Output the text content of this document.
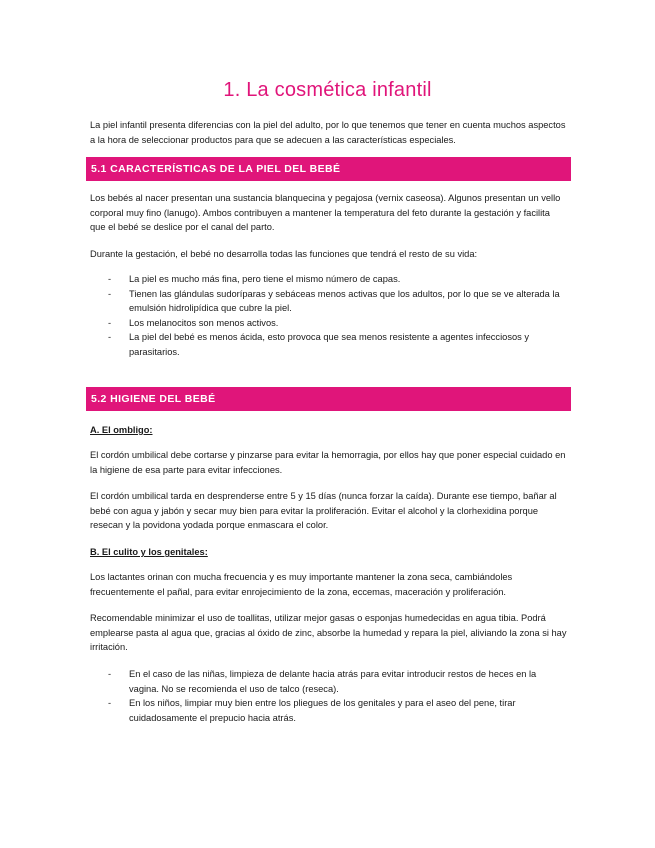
1. La cosmética infantil

La piel infantil presenta diferencias con la piel del adulto, por lo que tenemos que tener en cuenta muchos aspectos a la hora de seleccionar productos para que se adecuen a las características especiales.

5.1 CARACTERÍSTICAS DE LA PIEL DEL BEBÉ

Los bebés al nacer presentan una sustancia blanquecina y pegajosa (vernix caseosa). Algunos presentan un vello corporal muy fino (lanugo). Ambos contribuyen a mantener la temperatura del feto durante la gestación y facilita que el bebé se deslice por el canal del parto.

Durante la gestación, el bebé no desarrolla todas las funciones que tendrá el resto de su vida:

- La piel es mucho más fina, pero tiene el mismo número de capas.
- Tienen las glándulas sudoríparas y sebáceas menos activas que los adultos, por lo que se ve alterada la emulsión hidrolipídica que cubre la piel.
- Los melanocitos son menos activos.
- La piel del bebé es menos ácida, esto provoca que sea menos resistente a agentes infecciosos y parasitarios.
5.2 HIGIENE DEL BEBÉ

A. El ombligo:

El cordón umbilical debe cortarse y pinzarse para evitar la hemorragia, por ellos hay que poner especial cuidado en la higiene de esa parte para evitar infecciones.

El cordón umbilical tarda en desprenderse entre 5 y 15 días (nunca forzar la caída). Durante ese tiempo, bañar al bebé con agua y jabón y secar muy bien para evitar la proliferación. Evitar el alcohol y la clorhexidina porque resecan y la povidona yodada porque enmascara el color.

B. El culito y los genitales:

Los lactantes orinan con mucha frecuencia y es muy importante mantener la zona seca, cambiándoles frecuentemente el pañal, para evitar enrojecimiento de la zona, eccemas, maceración y proliferación.

Recomendable minimizar el uso de toallitas, utilizar mejor gasas o esponjas humedecidas en agua tibia. Podrá emplearse pasta al agua que, gracias al óxido de zinc, absorbe la humedad y repara la piel, aliviando la zona si hay irritación.

- En el caso de las niñas, limpieza de delante hacia atrás para evitar introducir restos de heces en la vagina. No se recomienda el uso de talco (reseca).
- En los niños, limpiar muy bien entre los pliegues de los genitales y para el aseo del pene, tirar cuidadosamente el prepucio hacia atrás.
